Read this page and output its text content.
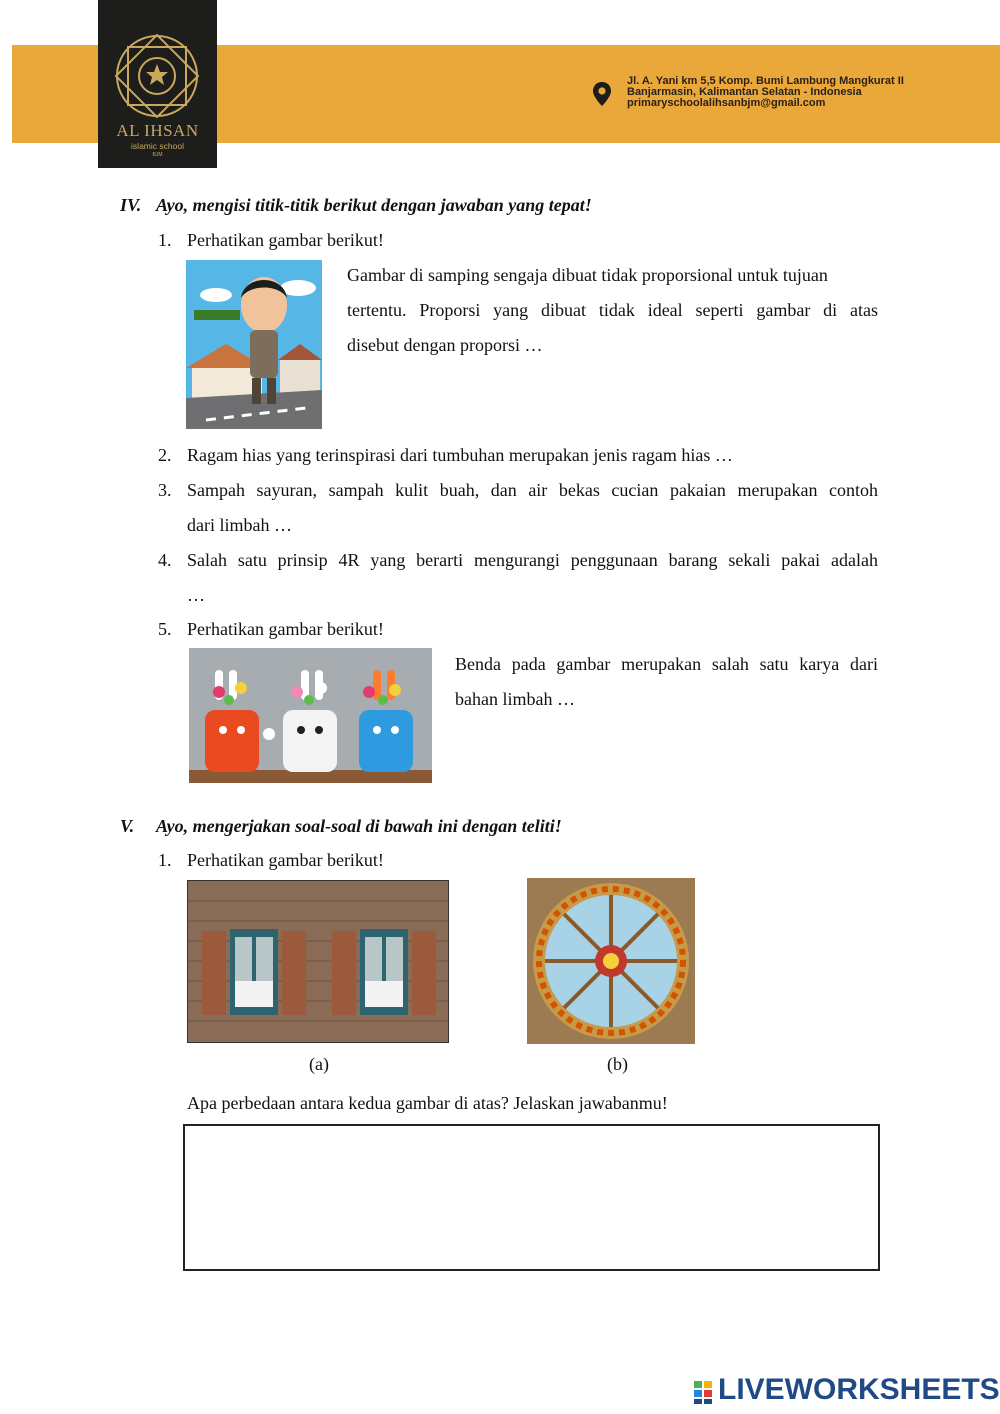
AL IHSAN
islamic school
BJM
Jl. A. Yani km 5,5 Komp. Bumi Lambung Mangkurat II
Banjarmasin, Kalimantan Selatan - Indonesia
primaryschoolalihsanbjm@gmail.com
IV. Ayo, mengisi titik-titik berikut dengan jawaban yang tepat!
1. Perhatikan gambar berikut!
Gambar di samping sengaja dibuat tidak proporsional untuk tujuan
tertentu. Proporsi yang dibuat tidak ideal seperti gambar di atas
disebut dengan proporsi …
2. Ragam hias yang terinspirasi dari tumbuhan merupakan jenis ragam hias …
3. Sampah sayuran, sampah kulit buah, dan air bekas cucian pakaian merupakan contoh
dari limbah …
4. Salah satu prinsip 4R yang berarti mengurangi penggunaan barang sekali pakai adalah
…
5. Perhatikan gambar berikut!
Benda pada gambar merupakan salah satu karya dari
bahan limbah …
V. Ayo, mengerjakan soal-soal di bawah ini dengan teliti!
1. Perhatikan gambar berikut!
(a)	(b)
Apa perbedaan antara kedua gambar di atas? Jelaskan jawabanmu!
LIVEWORKSHEETS
